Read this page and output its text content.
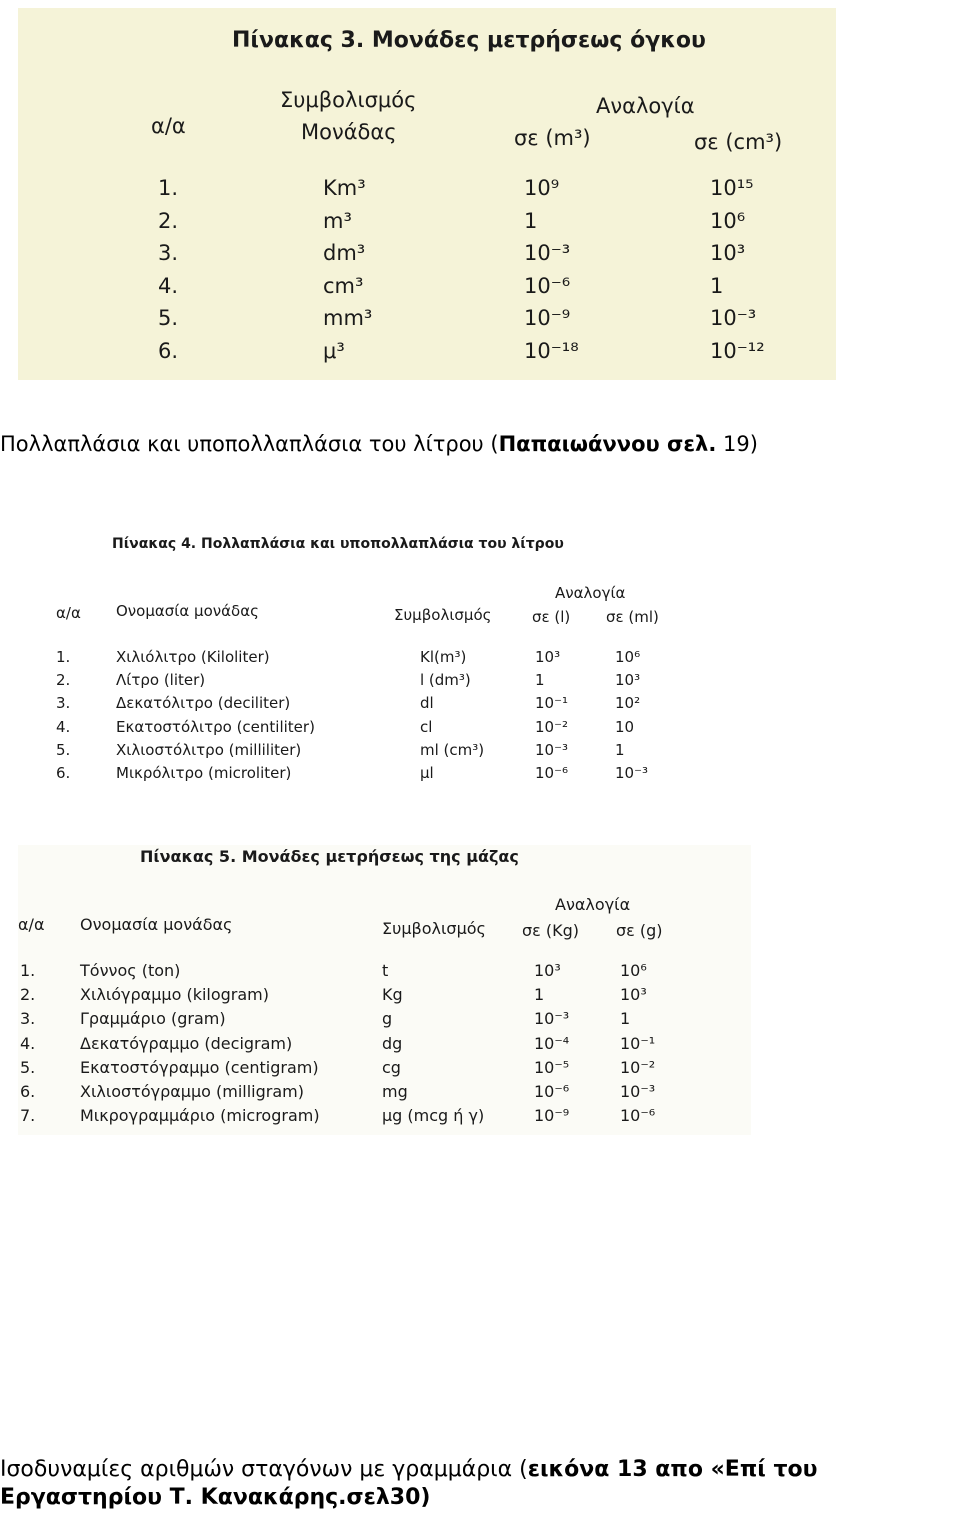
Πίνακας 3. Μονάδες μετρήσεως όγκου
α/α
Συμβολισμός
Μονάδας
Αναλογία
σε (m³)	σε (cm³)
1.	Km³	10⁹	10¹⁵
2.	m³	1	10⁶
3.	dm³	10⁻³	10³
4.	cm³	10⁻⁶	1
5.	mm³	10⁻⁹	10⁻³
6.	μ³	10⁻¹⁸	10⁻¹²
Πολλαπλάσια και υποπολλαπλάσια του λίτρου (Παπαιωάννου σελ. 19)
Πίνακας 4. Πολλαπλάσια και υποπολλαπλάσια του λίτρου
α/α Ονομασία μονάδας	Συμβολισμός
Αναλογία
σε (l) σε (ml)
1.	Χιλιόλιτρο (Kiloliter)	Kl(m³)	10³	10⁶
2.	Λίτρο (liter)	l (dm³)	1	10³
3.	Δεκατόλιτρο (deciliter)	dl	10⁻¹	10²
4.	Εκατοστόλιτρο (centiliter)	cl	10⁻²	10
5.	Χιλιοστόλιτρο (milliliter)	ml (cm³)	10⁻³	1
6.	Μικρόλιτρο (microliter)	μl	10⁻⁶	10⁻³
Πίνακας 5. Μονάδες μετρήσεως της μάζας
α/α Ονομασία μονάδας	Συμβολισμός
Αναλογία
σε (Kg) σε (g)
1.	Τόννος (ton)	t	10³	10⁶
2.	Χιλιόγραμμο (kilogram)	Kg	1	10³
3.	Γραμμάριο (gram)	g	10⁻³	1
4.	Δεκατόγραμμο (decigram)	dg	10⁻⁴	10⁻¹
5.	Εκατοστόγραμμο (centigram)	cg	10⁻⁵	10⁻²
6.	Χιλιοστόγραμμο (milligram)	mg	10⁻⁶	10⁻³
7.	Μικρογραμμάριο (microgram)	μg (mcg ή γ)	10⁻⁹	10⁻⁶
Ισοδυναμίες αριθμών σταγόνων με γραμμάρια (εικόνα 13 απο «Επί του
Εργαστηρίου Τ. Κανακάρης.σελ30)
